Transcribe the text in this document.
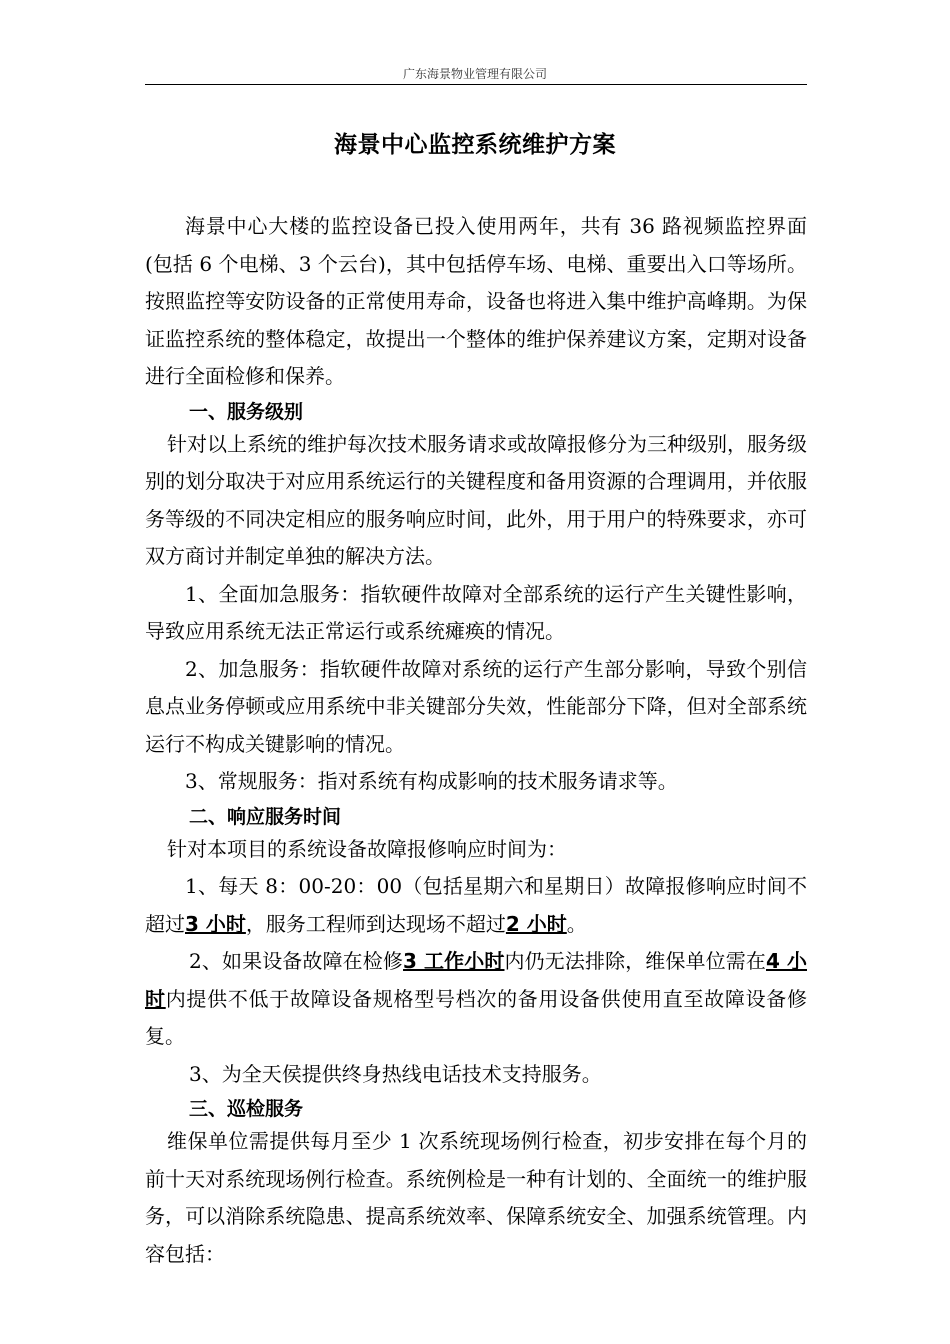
广东海景物业管理有限公司
海景中心监控系统维护方案

海景中心大楼的监控设备已投入使用两年，共有 36 路视频监控界面(包括 6 个电梯、3 个云台)，其中包括停车场、电梯、重要出入口等场所。按照监控等安防设备的正常使用寿命，设备也将进入集中维护高峰期。为保证监控系统的整体稳定，故提出一个整体的维护保养建议方案，定期对设备进行全面检修和保养。

一、服务级别

针对以上系统的维护每次技术服务请求或故障报修分为三种级别，服务级别的划分取决于对应用系统运行的关键程度和备用资源的合理调用，并依服务等级的不同决定相应的服务响应时间，此外，用于用户的特殊要求，亦可双方商讨并制定单独的解决方法。

1、全面加急服务：指软硬件故障对全部系统的运行产生关键性影响，导致应用系统无法正常运行或系统瘫痪的情况。

2、加急服务：指软硬件故障对系统的运行产生部分影响，导致个别信息点业务停顿或应用系统中非关键部分失效，性能部分下降，但对全部系统运行不构成关键影响的情况。

3、常规服务：指对系统有构成影响的技术服务请求等。

二、响应服务时间

针对本项目的系统设备故障报修响应时间为：

1、每天 8：00-20：00（包括星期六和星期日）故障报修响应时间不超过3 小时，服务工程师到达现场不超过2 小时。

2、如果设备故障在检修3 工作小时内仍无法排除，维保单位需在4 小时内提供不低于故障设备规格型号档次的备用设备供使用直至故障设备修复。

3、为全天侯提供终身热线电话技术支持服务。

三、巡检服务

维保单位需提供每月至少 1 次系统现场例行检查，初步安排在每个月的前十天对系统现场例行检查。系统例检是一种有计划的、全面统一的维护服务，可以消除系统隐患、提高系统效率、保障系统安全、加强系统管理。内容包括：
